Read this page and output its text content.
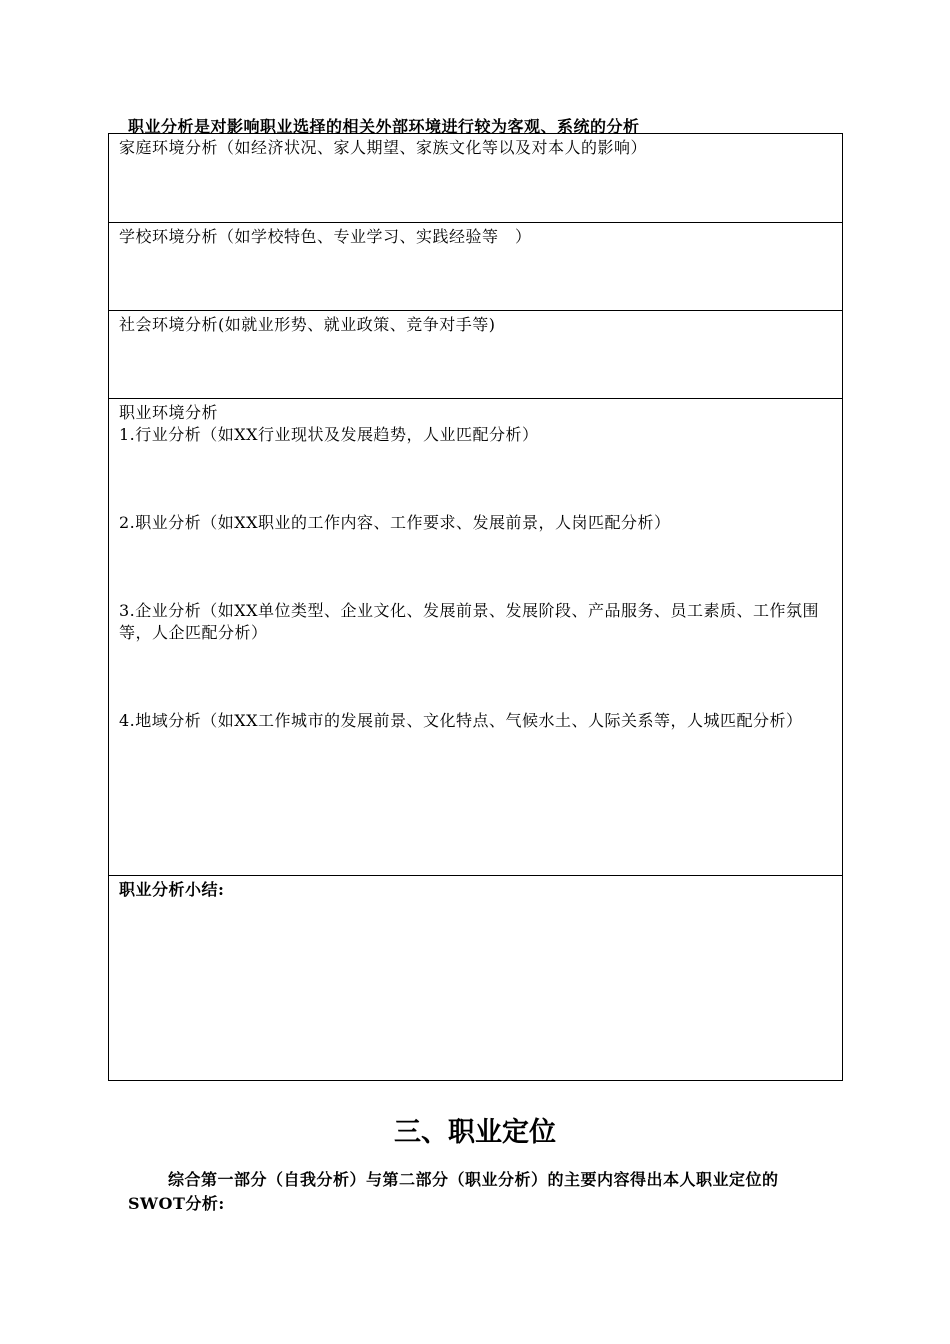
职业分析是对影响职业选择的相关外部环境进行较为客观、系统的分析
家庭环境分析（如经济状况、家人期望、家族文化等以及对本人的影响）
学校环境分析（如学校特色、专业学习、实践经验等　）
社会环境分析(如就业形势、就业政策、竞争对手等)

职业环境分析
1.行业分析（如XX行业现状及发展趋势，人业匹配分析）
2.职业分析（如XX职业的工作内容、工作要求、发展前景，人岗匹配分析）
3.企业分析（如XX单位类型、企业文化、发展前景、发展阶段、产品服务、员工素质、工作氛围等，人企匹配分析）
4.地域分析（如XX工作城市的发展前景、文化特点、气候水土、人际关系等，人城匹配分析）

职业分析小结:
三、职业定位
综合第一部分（自我分析）与第二部分（职业分析）的主要内容得出本人职业定位的SWOT分析:
